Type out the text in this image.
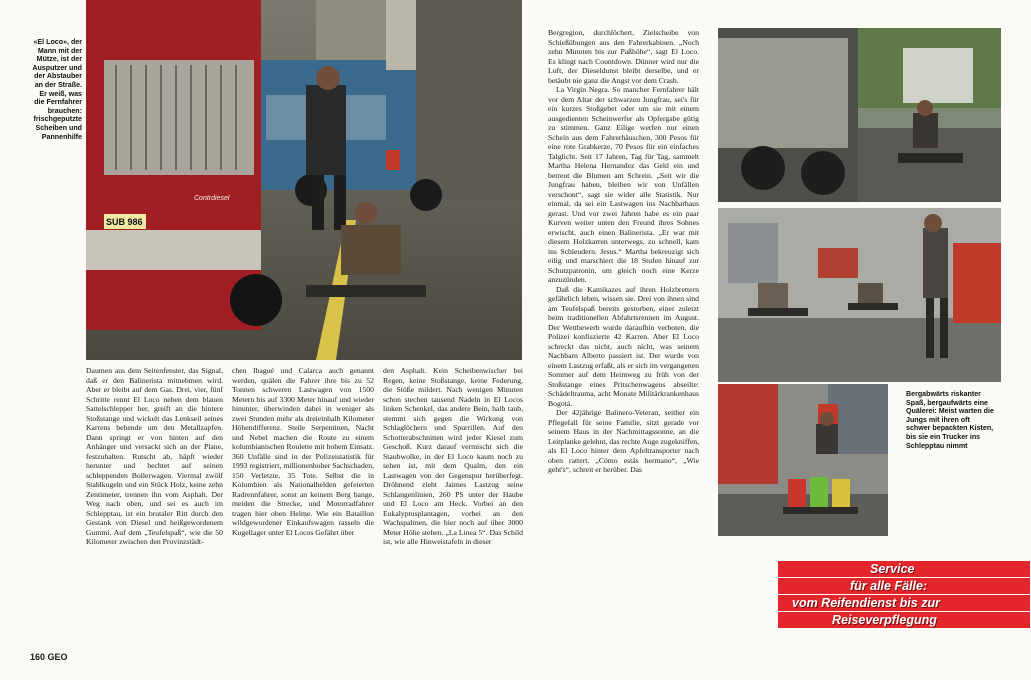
SUB 986
Contrdiesel
«El Loco», der Mann mit der Mütze, ist der Ausputzer und der Abstauber an der Straße. Er weiß, was die Fernfahrer brauchen: frischgeputzte Scheiben und Pannenhilfe

Daumen aus dem Seitenfenster, das Signal, daß er den Balinerista mitnehmen wird. Aber er bleibt auf dem Gas. Drei, vier, fünf Schritte rennt El Loco neben dem blauen Sattelschlepper her, greift an die hintere Stoßstange und wickelt das Lenkseil seines Karrens behende um den Metallzapfen. Dann springt er von hinten auf den Anhänger und versackt sich an der Plane, festzuhalten. Rutscht ab, häpft wieder herunter und hechtet auf seinen schleppenden Bollerwagen. Viermal zwölf Stahlkugeln und ein Stück Holz, keine zehn Zentimeter, trennen ihn vom Asphalt. Der Weg nach oben, und sei es auch im Schlepptau, ist ein brutaler Ritt durch den Gestank von Diesel und heißgewordenem Gummi. Auf dem „Teufelspaß“, wie die 50 Kilometer zwischen den Provinzstädt-

chen Ibagué und Calarca auch genannt werden, quälen die Fahrer ihre bis zu 52 Tonnen schweren Lastwagen von 1500 Metern bis auf 3300 Meter hinauf und wieder hinunter, überwinden dabei in weniger als zwei Stunden mehr als dreieinhalb Kilometer Höhendifferenz. Steile Serpentinen, Nacht und Nebel machen die Route zu einem kolumbianischen Roulette mit hohem Einsatz. 360 Unfälle sind in der Polizeistatistik für 1993 registriert, millionenhoher Sachschaden, 150 Verletzte, 35 Tote. Selbst die in Kolumbien als Nationalhelden gefeierten Radrennfahrer, sonst an keinem Berg bange, meiden die Strecke, und Motorradfahrer tragen hier oben Helme. Wie ein Bataillon wildgewordener Einkaufswagen rasseln die Kugellager unter El Locos Gefährt über

den Asphalt. Kein Scheibenwischer bei Regen, keine Stoßstange, keine Federung, die Stöße mildert. Nach wenigen Minuten schon stechen tausend Nadeln in El Locos linken Schenkel, das andere Bein, halb taub, stemmt sich gegen die Wirkung von Schlaglöchern und Spurrillen. Auf den Schotterabschnitten wird jeder Kiesel zum Geschoß. Kurz darauf vermischt sich die Staubwolke, in der El Loco kaum noch zu sehen ist, mit dem Qualm, den ein Lastwagen von der Gegenspur herüberfegt. Dröhnend zieht Jaimes Lastzug seine Schlangenlinien, 260 PS unter der Haube und El Loco am Heck. Vorbei an den Eukalyptusplantagen, vorbei an den Wachspalmen, die hier noch auf über 3000 Meter Höhe stehen. „La Linea 5“. Das Schild ist, wie alle Hinweistafeln in dieser

Bergregion, durchlöchert, Zielscheibe von Schießübungen aus den Fahrerkabinen. „Noch zehn Minuten bis zur Paßhöhe“, sagt El Loco. Es klingt nach Countdown. Dünner wird nur die Luft, der Dieseldunst bleibt derselbe, und er betäubt nie ganz die Angst vor dem Crash.

La Virgin Negra. So mancher Fernfahrer hält vor dem Altar der schwarzen Jungfrau, sei's für ein kurzes Stoßgebet oder um sie mit einem ausgedienten Scheinwerfer als Opfergabe gütig zu stimmen. Ganz Eilige werfen nur einen Schein aus dem Fahrerhäuschen, 300 Pesos für eine rote Grabkerze, 70 Pesos für ein einfaches Talglicht. Seit 17 Jahren, Tag für Tag, sammelt Martha Helena Hernandez das Geld ein und betreut die Blumen am Schrein. „Seit wir die Jungfrau haben, bleiben wir von Unfällen verschont“, sagt sie wider alle Statistik. Nur einmal, da sei ein Lastwagen ins Nachbarhaus gerast. Und vor zwei Jahren habe es ein paar Kurven weiter unten den Freund ihres Sohnes erwischt, auch einen Balinerista. „Er war mit diesem Holzkarren unterwegs, zu schnell, kam ins Schleudern. Jesus.“ Martha bekreuzigt sich eilig und marschiert die 18 Stufen hinauf zur Schutzpatronin, um gleich noch eine Kerze anzuzünden.

Daß die Kamikazes auf ihren Holzbrettern gefährlich leben, wissen sie. Drei von ihnen sind am Teufelspaß bereits gestorben, einer zuletzt beim traditionellen Abfahrtsrennen im August. Der Wettbewerb wurde daraufhin verboten, die Polizei konfiszierte 42 Karren. Aber El Loco schreckt das nicht, auch nicht, was seinem Nachbarn Alberto passiert ist. Der wurde von einem Lastzug erfaßt, als er sich im vergangenen Sommer auf dem Heimweg zu früh von der Stoßstange eines Pritschenwagens abseilte: Schädeltrauma, acht Monate Militärkrankenhaus Bogotá.

Der 42jährige Balinero-Veteran, seither ein Pflegefall für seine Familie, sitzt gerade vor seinem Haus in der Nachmittagssonne, an die Leitplanke gelehnt, das rechte Auge zugekniffen, als El Loco hinter dem Apfeltransporter nach oben rattert. „Cómo estás hermano“, „Wie geht's“, schreit er herüber. Das

Bergabwärts riskanter Spaß, bergaufwärts eine Quälerei: Meist warten die Jungs mit ihren oft schwer bepackten Kisten, bis sie ein Trucker ins Schlepptau nimmt
Service
für alle Fälle:
vom Reifendienst bis zur
Reiseverpflegung
160 GEO
